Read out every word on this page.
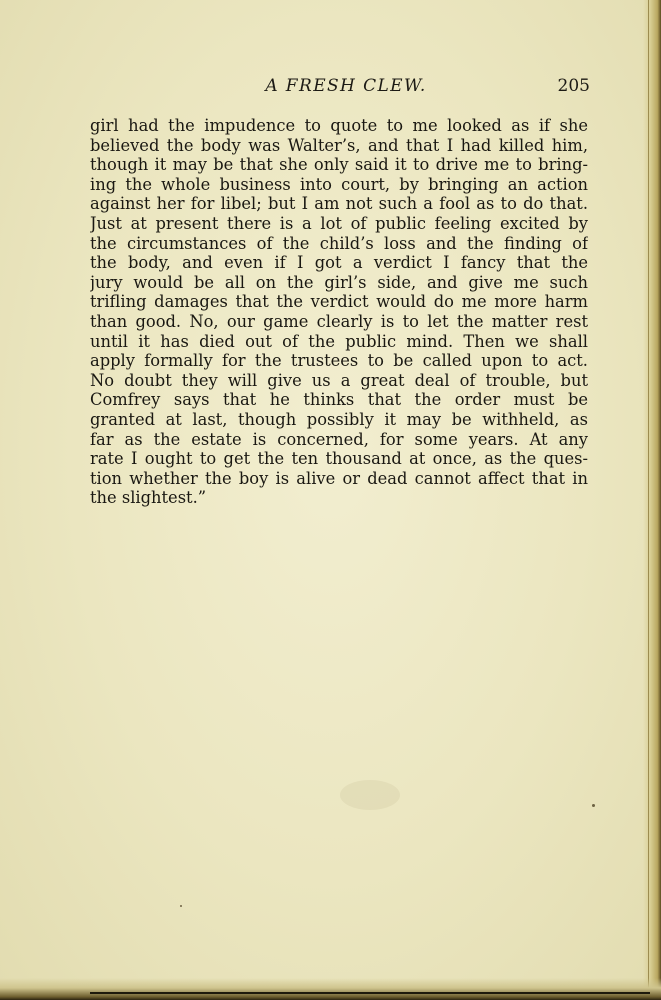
A FRESH CLEW.	205
girl had the impudence to quote to me looked as if she
believed the body was Walter’s, and that I had killed him,
though it may be that she only said it to drive me to bring-
ing the whole business into court, by bringing an action
against her for libel; but I am not such a fool as to do that.
Just at present there is a lot of public feeling excited by
the circumstances of the child’s loss and the finding of
the body, and even if I got a verdict I fancy that the
jury would be all on the girl’s side, and give me such
trifling damages that the verdict would do me more harm
than good. No, our game clearly is to let the matter rest
until it has died out of the public mind. Then we shall
apply formally for the trustees to be called upon to act.
No doubt they will give us a great deal of trouble, but
Comfrey says that he thinks that the order must be
granted at last, though possibly it may be withheld, as
far as the estate is concerned, for some years. At any
rate I ought to get the ten thousand at once, as the ques-
tion whether the boy is alive or dead cannot affect that in
the slightest.”
